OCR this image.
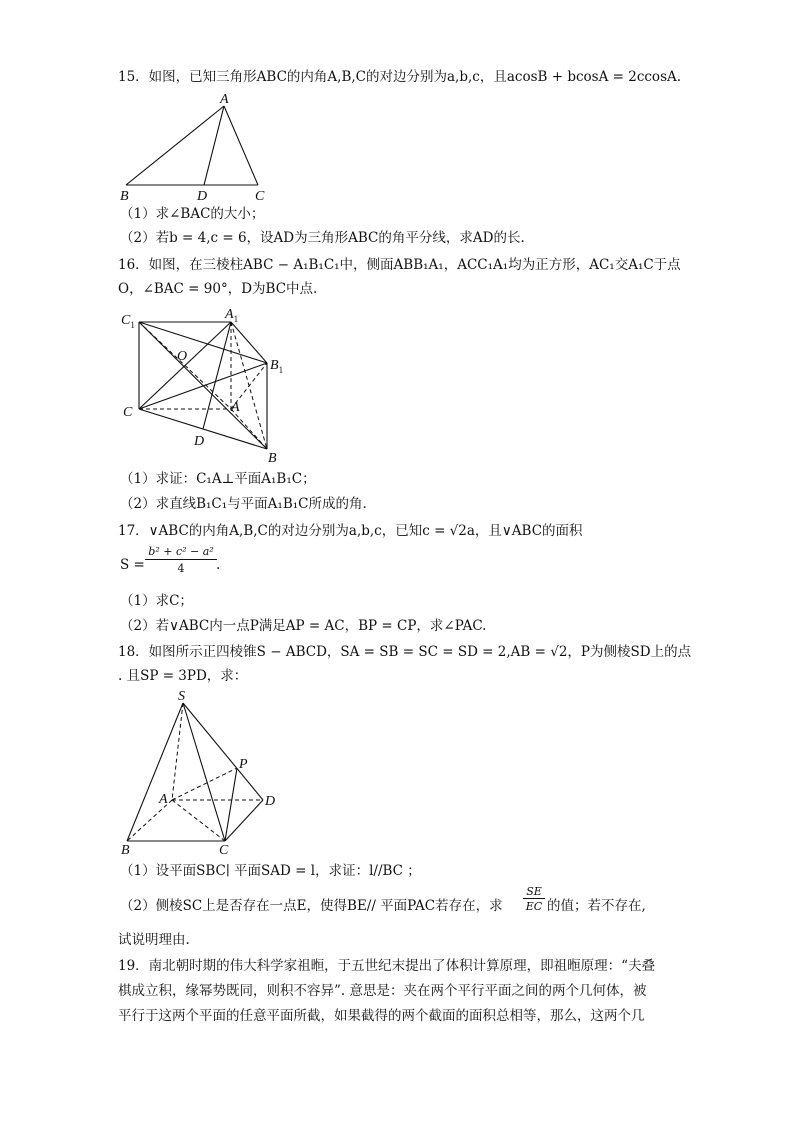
15．如图，已知三角形ABC的内角A,B,C的对边分别为a,b,c，且acosB + bcosA = 2ccosA.

A
B	D	C

（1）求∠BAC的大小；

（2）若b = 4,c = 6，设AD为三角形ABC的角平分线，求AD的长.

16．如图，在三棱柱ABC − A₁B₁C₁中，侧面ABB₁A₁，ACC₁A₁均为正方形，AC₁交A₁C于点

O，∠BAC = 90°，D为BC中点.

$C_1$
$A_1$
$B_1$
O
C	A
D
B

（1）求证：C₁A⊥平面A₁B₁C；

（2）求直线B₁C₁与平面A₁B₁C所成的角.

17．∨ABC的内角A,B,C的对边分别为a,b,c，已知c = √2a，且∨ABC的面积

$S = \frac{\text{b² + c² − a²}}{4}$ .

（1）求C；

（2）若∨ABC内一点P满足AP = AC，BP = CP，求∠PAC.

18．如图所示正四棱锥S − ABCD，SA = SB = SC = SD = 2,AB = √2，P为侧棱SD上的点

. 且SP = 3PD，求：

S
P
A	D
B	C

（1）设平面SBC∣ 平面SAD = l，求证：l//BC ；

（2）侧棱SC上是否存在一点E，使得BE// 平面PAC若存在，求 $\frac{SE}{EC}$ 的值；若不存在,

试说明理由.

19．南北朝时期的伟大科学家祖暅，于五世纪末提出了体积计算原理，即祖暅原理：“夫叠

棋成立积，缘幂势既同，则积不容异”. 意思是：夹在两个平行平面之间的两个几何体，被

平行于这两个平面的任意平面所截，如果截得的两个截面的面积总相等，那么，这两个几
